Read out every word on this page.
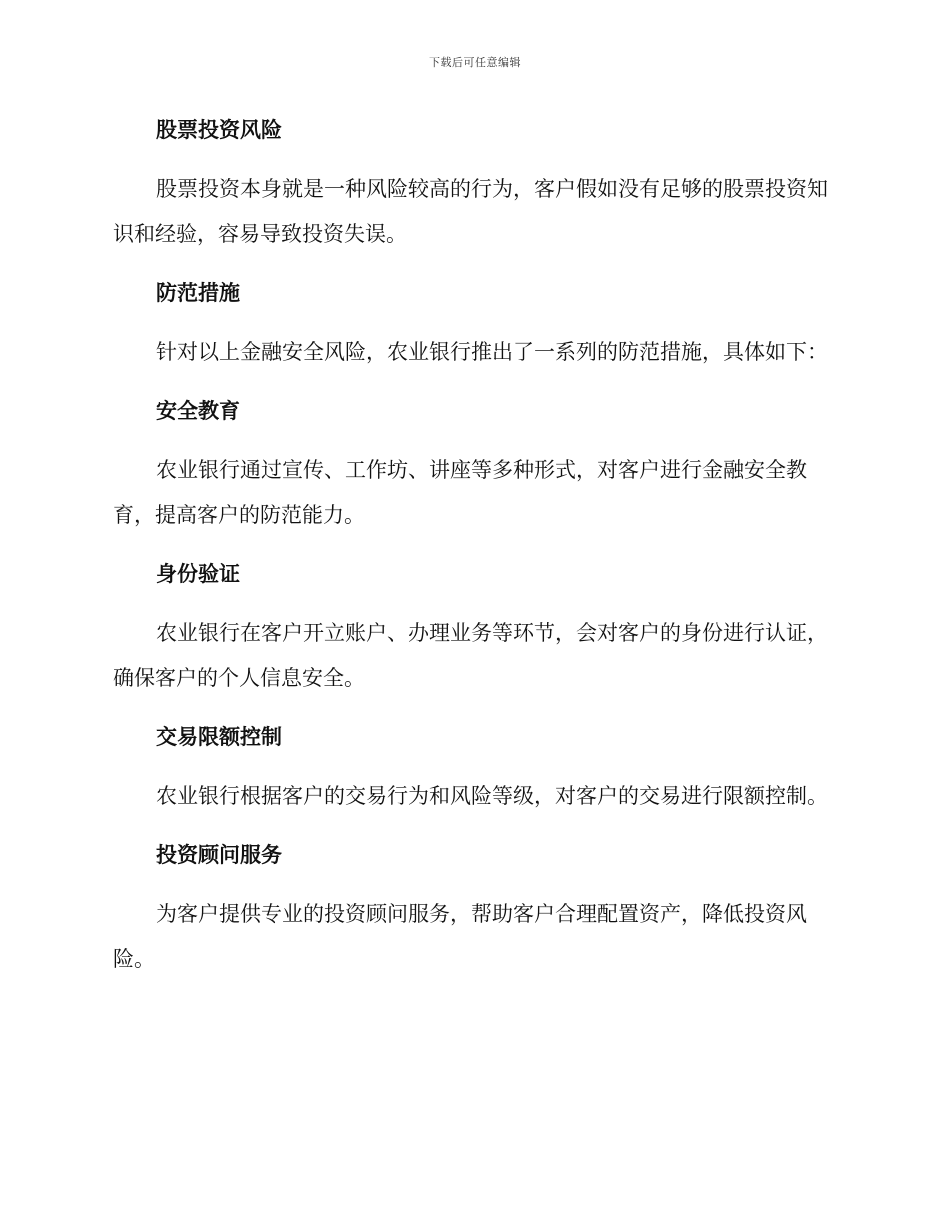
下载后可任意编辑
股票投资风险

股票投资本身就是一种风险较高的行为，客户假如没有足够的股票投资知识和经验，容易导致投资失误。

防范措施

针对以上金融安全风险，农业银行推出了一系列的防范措施，具体如下：

安全教育

农业银行通过宣传、工作坊、讲座等多种形式，对客户进行金融安全教育，提高客户的防范能力。

身份验证

农业银行在客户开立账户、办理业务等环节，会对客户的身份进行认证，确保客户的个人信息安全。

交易限额控制

农业银行根据客户的交易行为和风险等级，对客户的交易进行限额控制。

投资顾问服务

为客户提供专业的投资顾问服务，帮助客户合理配置资产，降低投资风险。
